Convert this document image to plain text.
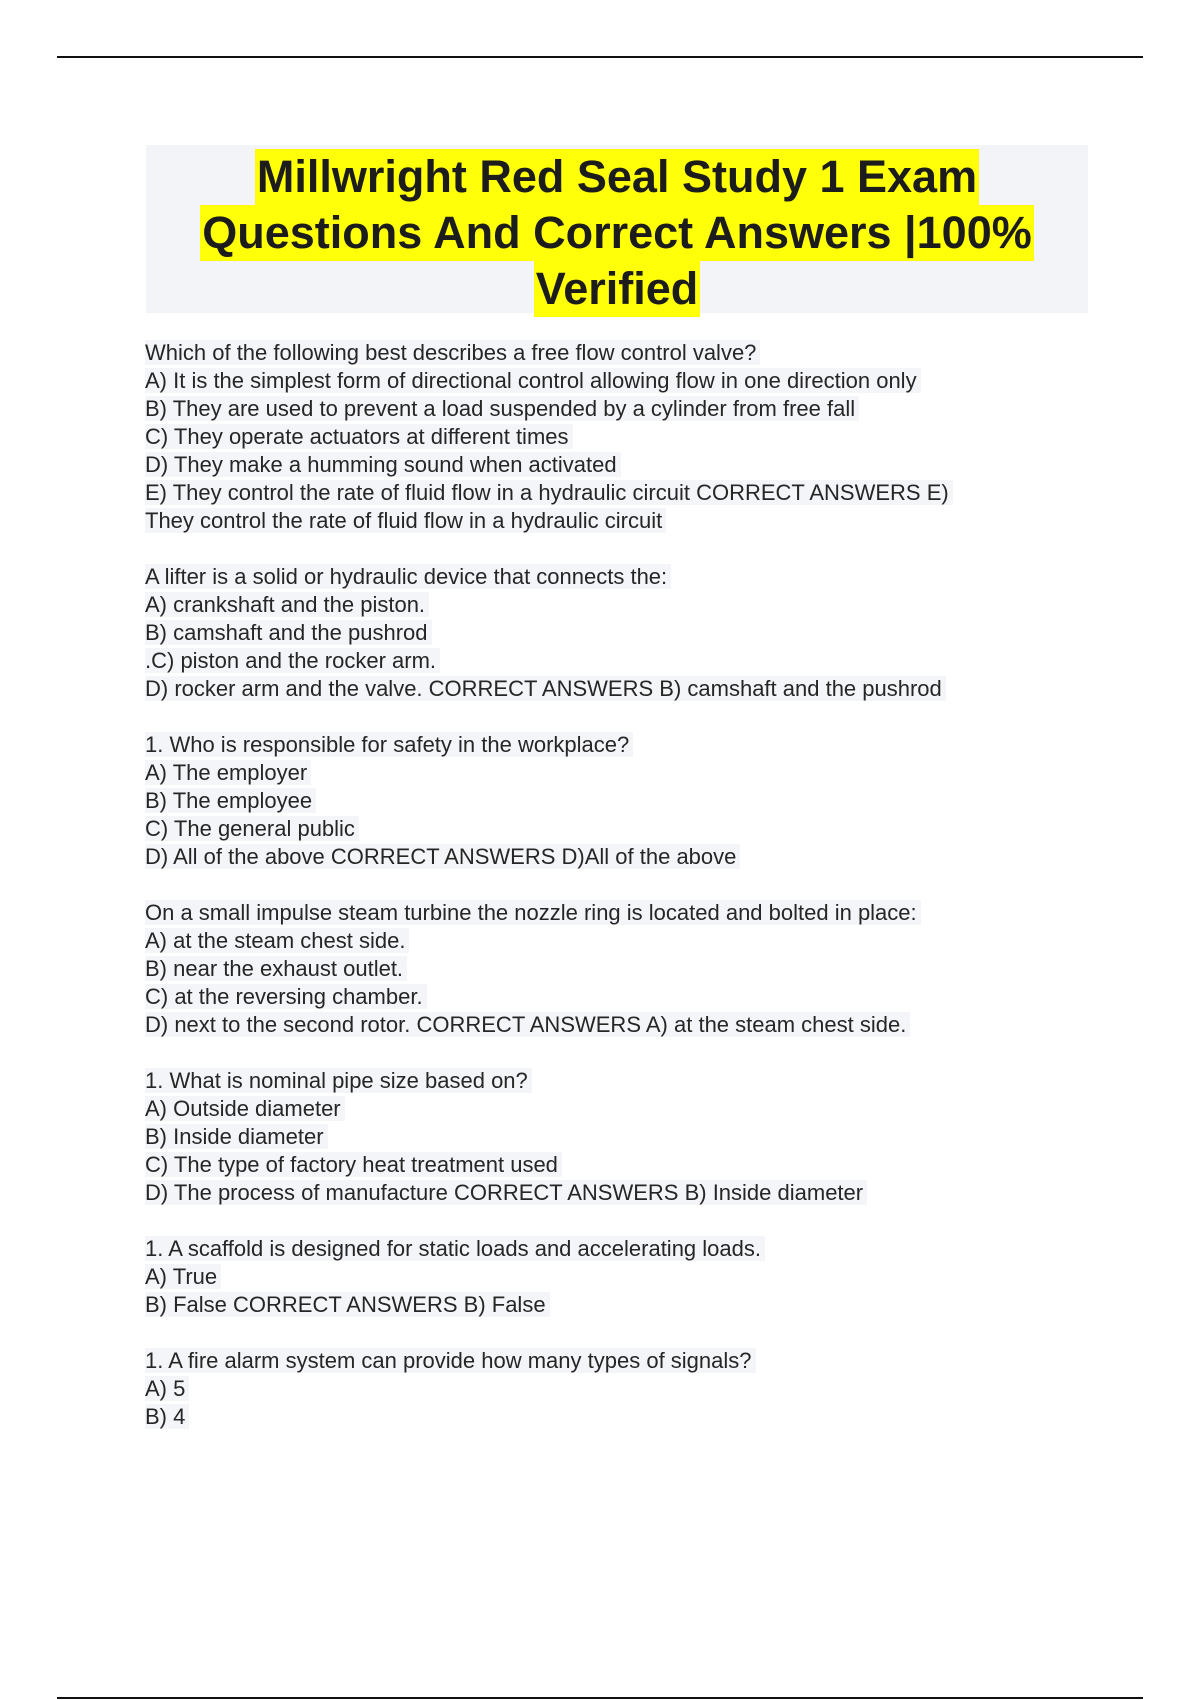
Millwright Red Seal Study 1 Exam
Questions And Correct Answers |100%
Verified
Which of the following best describes a free flow control valve?
A) It is the simplest form of directional control allowing flow in one direction only
B) They are used to prevent a load suspended by a cylinder from free fall
C) They operate actuators at different times
D) They make a humming sound when activated
E) They control the rate of fluid flow in a hydraulic circuit CORRECT ANSWERS E)
They control the rate of fluid flow in a hydraulic circuit
A lifter is a solid or hydraulic device that connects the:
A) crankshaft and the piston.
B) camshaft and the pushrod
.C) piston and the rocker arm.
D) rocker arm and the valve. CORRECT ANSWERS B) camshaft and the pushrod
1. Who is responsible for safety in the workplace?
A) The employer
B) The employee
C) The general public
D) All of the above CORRECT ANSWERS D)All of the above
On a small impulse steam turbine the nozzle ring is located and bolted in place:
A) at the steam chest side.
B) near the exhaust outlet.
C) at the reversing chamber.
D) next to the second rotor. CORRECT ANSWERS A) at the steam chest side.
1. What is nominal pipe size based on?
A) Outside diameter
B) Inside diameter
C) The type of factory heat treatment used
D) The process of manufacture CORRECT ANSWERS B) Inside diameter
1. A scaffold is designed for static loads and accelerating loads.
A) True
B) False CORRECT ANSWERS B) False
1. A fire alarm system can provide how many types of signals?
A) 5
B) 4
